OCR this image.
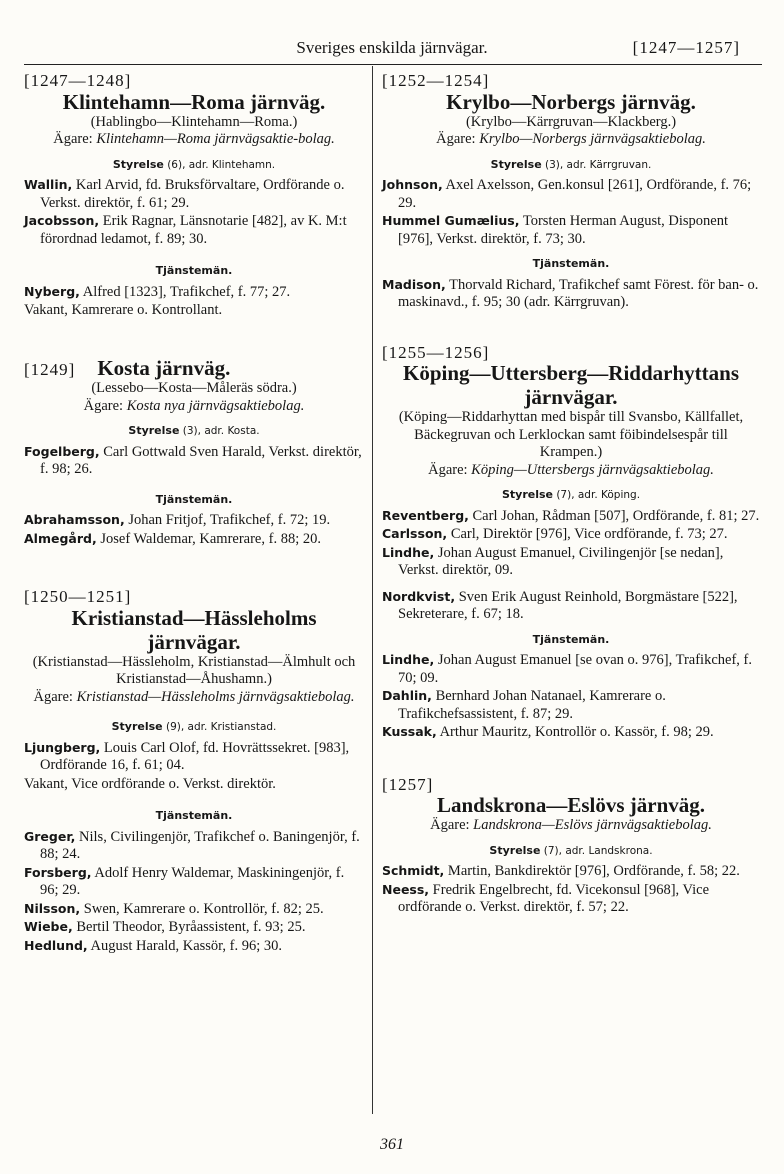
Sveriges enskilda järnvägar.	[1247—1257]
[1247—1248]
Klintehamn—Roma järnväg.
(Hablingbo—Klintehamn—Roma.)
Ägare: Klintehamn—Roma järnvägsaktie-bolag.
Styrelse (6), adr. Klintehamn.
Wallin, Karl Arvid, fd. Bruksförvaltare, Ordförande o. Verkst. direktör, f. 61; 29.
Jacobsson, Erik Ragnar, Länsnotarie [482], av K. M:t förordnad ledamot, f. 89; 30.
Tjänstemän.
Nyberg, Alfred [1323], Trafikchef, f. 77; 27.
Vakant, Kamrerare o. Kontrollant.
[1249] Kosta järnväg.
(Lessebo—Kosta—Måleräs södra.)
Ägare: Kosta nya järnvägsaktiebolag.
Styrelse (3), adr. Kosta.
Fogelberg, Carl Gottwald Sven Harald, Verkst. direktör, f. 98; 26.
Tjänstemän.
Abrahamsson, Johan Fritjof, Trafikchef, f. 72; 19.
Almegård, Josef Waldemar, Kamrerare, f. 88; 20.
[1250—1251]
Kristianstad—Hässleholms järnvägar.
(Kristianstad—Hässleholm, Kristianstad—Älmhult och Kristianstad—Åhushamn.)
Ägare: Kristianstad—Hässleholms järnvägsaktiebolag.
Styrelse (9), adr. Kristianstad.
Ljungberg, Louis Carl Olof, fd. Hovrättssekret. [983], Ordförande 16, f. 61; 04.
Vakant, Vice ordförande o. Verkst. direktör.
Tjänstemän.
Greger, Nils, Civilingenjör, Trafikchef o. Baningenjör, f. 88; 24.
Forsberg, Adolf Henry Waldemar, Maskiningenjör, f. 96; 29.
Nilsson, Swen, Kamrerare o. Kontrollör, f. 82; 25.
Wiebe, Bertil Theodor, Byråassistent, f. 93; 25.
Hedlund, August Harald, Kassör, f. 96; 30.
[1252—1254]
Krylbo—Norbergs järnväg.
(Krylbo—Kärrgruvan—Klackberg.)
Ägare: Krylbo—Norbergs järnvägsaktiebolag.
Styrelse (3), adr. Kärrgruvan.
Johnson, Axel Axelsson, Gen.konsul [261], Ordförande, f. 76; 29.
Hummel Gumælius, Torsten Herman August, Disponent [976], Verkst. direktör, f. 73; 30.
Tjänstemän.
Madison, Thorvald Richard, Trafikchef samt Förest. för ban- o. maskinavd., f. 95; 30 (adr. Kärrgruvan).
[1255—1256]
Köping—Uttersberg—Riddarhyttans järnvägar.
(Köping—Riddarhyttan med bispår till Svansbo, Källfallet, Bäckegruvan och Lerklockan samt föibindelsespår till Krampen.)
Ägare: Köping—Uttersbergs järnvägsaktiebolag.
Styrelse (7), adr. Köping.
Reventberg, Carl Johan, Rådman [507], Ordförande, f. 81; 27.
Carlsson, Carl, Direktör [976], Vice ordförande, f. 73; 27.
Lindhe, Johan August Emanuel, Civilingenjör [se nedan], Verkst. direktör, 09.
Nordkvist, Sven Erik August Reinhold, Borgmästare [522], Sekreterare, f. 67; 18.
Tjänstemän.
Lindhe, Johan August Emanuel [se ovan o. 976], Trafikchef, f. 70; 09.
Dahlin, Bernhard Johan Natanael, Kamrerare o. Trafikchefsassistent, f. 87; 29.
Kussak, Arthur Mauritz, Kontrollör o. Kassör, f. 98; 29.
[1257]
Landskrona—Eslövs järnväg.
Ägare: Landskrona—Eslövs järnvägsaktiebolag.
Styrelse (7), adr. Landskrona.
Schmidt, Martin, Bankdirektör [976], Ordförande, f. 58; 22.
Neess, Fredrik Engelbrecht, fd. Vicekonsul [968], Vice ordförande o. Verkst. direktör, f. 57; 22.
361
